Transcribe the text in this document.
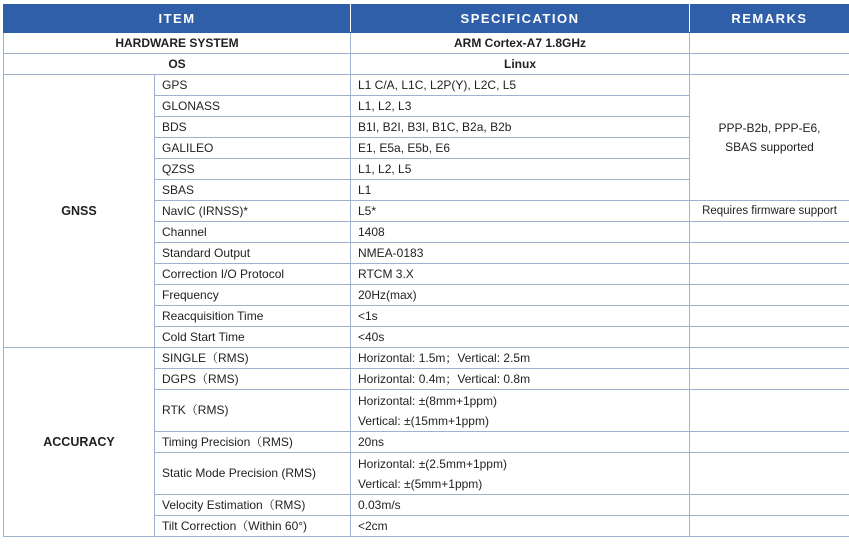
ITEM		SPECIFICATION	REMARKS
HARDWARE SYSTEM		ARM Cortex-A7 1.8GHz	
OS		Linux	
GNSS	GPS	L1 C/A, L1C, L2P(Y), L2C, L5	PPP-B2b, PPP-E6,
SBAS supported

	GLONASS	L1, L2, L3	
	BDS	B1I, B2I, B3I, B1C, B2a, B2b	
	GALILEO	E1, E5a, E5b, E6	
	QZSS	L1, L2, L5	
	SBAS	L1	
	NavIC (IRNSS)*	L5*	Requires firmware support
	Channel	1408	
	Standard Output	NMEA-0183	
	Correction I/O Protocol	RTCM 3.X	
	Frequency	20Hz(max)	
	Reacquisition Time	<1s	
	Cold Start Time	<40s	
ACCURACY	SINGLE（RMS)	Horizontal: 1.5m；Vertical: 2.5m	

	DGPS（RMS)	Horizontal: 0.4m；Vertical: 0.8m	

	RTK（RMS)	Horizontal: ±(8mm+1ppm)
Vertical: ±(15mm+1ppm)	

	Timing Precision（RMS)	20ns	

	Static Mode Precision (RMS)	Horizontal: ±(2.5mm+1ppm)
Vertical: ±(5mm+1ppm)	

	Velocity Estimation（RMS)	0.03m/s	

	Tilt Correction（Within 60°)	<2cm	
